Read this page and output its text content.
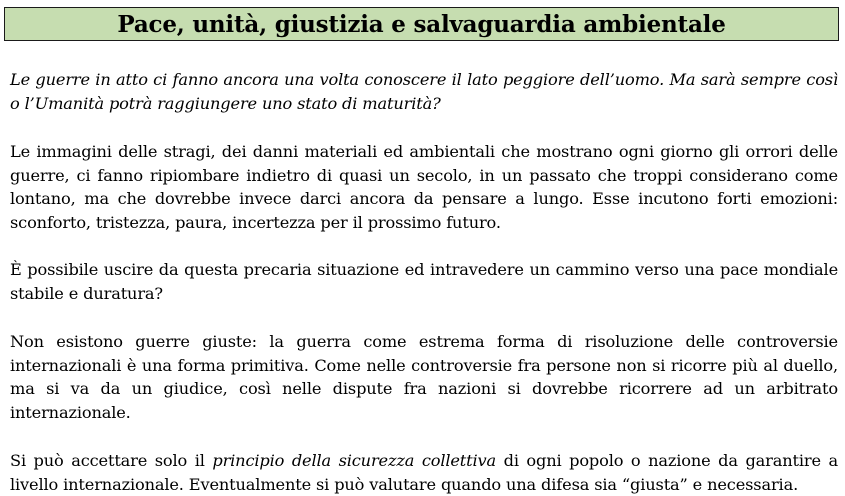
Pace, unità, giustizia e salvaguardia ambientale

Le guerre in atto ci fanno ancora una volta conoscere il lato peggiore dell’uomo. Ma sarà sempre così o l’Umanità potrà raggiungere uno stato di maturità?

Le immagini delle stragi, dei danni materiali ed ambientali che mostrano ogni giorno gli orrori delle guerre, ci fanno ripiombare indietro di quasi un secolo, in un passato che troppi considerano come lontano, ma che dovrebbe invece darci ancora da pensare a lungo. Esse incutono forti emozioni: sconforto, tristezza, paura, incertezza per il prossimo futuro.

È possibile uscire da questa precaria situazione ed intravedere un cammino verso una pace mondiale stabile e duratura?

Non esistono guerre giuste: la guerra come estrema forma di risoluzione delle controversie internazionali è una forma primitiva. Come nelle controversie fra persone non si ricorre più al duello, ma si va da un giudice, così nelle dispute fra nazioni si dovrebbe ricorrere ad un arbitrato internazionale.

Si può accettare solo il principio della sicurezza collettiva di ogni popolo o nazione da garantire a livello internazionale. Eventualmente si può valutare quando una difesa sia “giusta” e necessaria.
